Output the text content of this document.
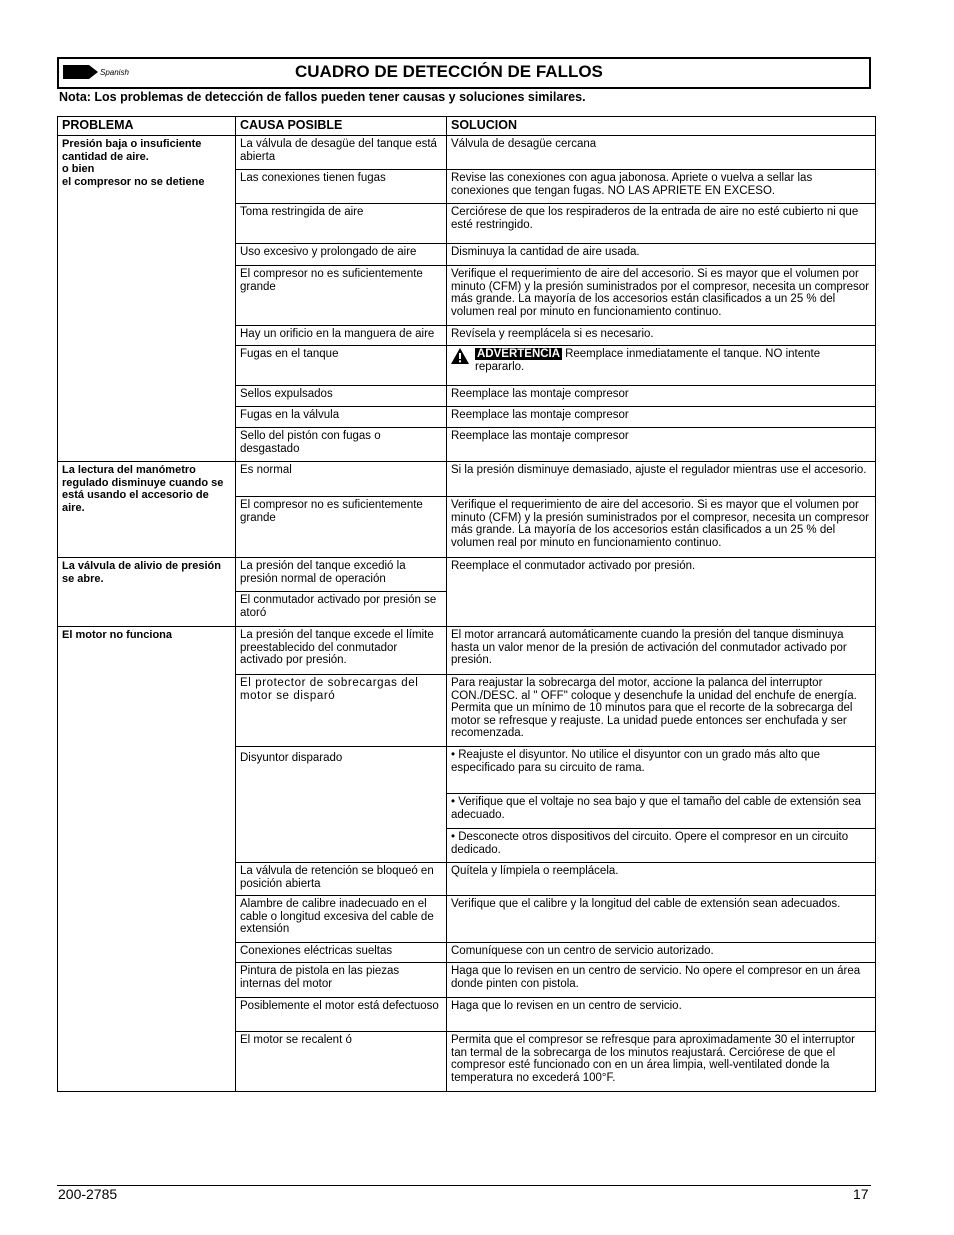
Spanish	CUADRO DE DETECCIÓN DE FALLOS
Nota: Los problemas de detección de fallos pueden tener causas y soluciones similares.
PROBLEMA	CAUSA POSIBLE	SOLUCION

Presión baja o insuficiente cantidad de aire.
o bien
el compresor no se detiene	La válvula de desagüe del tanque está abierta	Válvula de desagüe cercana
	Las conexiones tienen fugas	Revise las conexiones con agua jabonosa. Apriete o vuelva a sellar las conexiones que tengan fugas. NO LAS APRIETE EN EXCESO.
	Toma restringida de aire	Cerciórese de que los respiraderos de la entrada de aire no esté cubierto ni que esté restringido.
	Uso excesivo y prolongado de aire	Disminuya la cantidad de aire usada.
	El compresor no es suficientemente grande	Verifique el requerimiento de aire del accesorio. Si es mayor que el volumen por minuto (CFM) y la presión suministrados por el compresor, necesita un compresor más grande. La mayoría de los accesorios están clasificados a un 25 % del volumen real por minuto en funcionamiento continuo.
	Hay un orificio en la manguera de aire	Revísela y reemplácela si es necesario.
	Fugas en el tanque	ADVERTENCIA Reemplace inmediatamente el tanque. NO intente
repararlo.

	Sellos expulsados	Reemplace las montaje compresor
	Fugas en la válvula	Reemplace las montaje compresor
	Sello del pistón con fugas o desgastado	Reemplace las montaje compresor
La lectura del manómetro regulado disminuye cuando se está usando el accesorio de aire.	Es normal	Si la presión disminuye demasiado, ajuste el regulador mientras use el accesorio.
	El compresor no es suficientemente grande	Verifique el requerimiento de aire del accesorio. Si es mayor que el volumen por minuto (CFM) y la presión suministrados por el compresor, necesita un compresor más grande. La mayoría de los accesorios están clasificados a un 25 % del volumen real por minuto en funcionamiento continuo.
La válvula de alivio de presión se abre.	La presión del tanque excedió la presión normal de operación	Reemplace el conmutador activado por presión.
	El conmutador activado por presión se atoró	
El motor no funciona	La presión del tanque excede el límite preestablecido del conmutador activado por presión.	El motor arrancará automáticamente cuando la presión del tanque disminuya hasta un valor menor de la presión de activación del conmutador activado por presión.
	El protector de sobrecargas del motor se disparó	Para reajustar la sobrecarga del motor, accione la palanca del interruptor CON./DESC. al " OFF" coloque y desenchufe la unidad del enchufe de energía. Permita que un mínimo de 10 minutos para que el recorte de la sobrecarga del motor se refresque y reajuste. La unidad puede entonces ser enchufada y ser recomenzada.
	Disyuntor disparado	• Reajuste el disyuntor. No utilice el disyuntor con un grado más alto que especificado para su circuito de rama.
		• Verifique que el voltaje no sea bajo y que el tamaño del cable de extensión sea adecuado.
		• Desconecte otros dispositivos del circuito. Opere el compresor en un circuito dedicado.
	La válvula de retención se bloqueó en posición abierta	Quítela y límpiela o reemplácela.
	Alambre de calibre inadecuado en el cable o longitud excesiva del cable de extensión	Verifique que el calibre y la longitud del cable de extensión sean adecuados.
	Conexiones eléctricas sueltas	Comuníquese con un centro de servicio autorizado.
	Pintura de pistola en las piezas internas del motor	Haga que lo revisen en un centro de servicio. No opere el compresor en un área donde pinten con pistola.
	Posiblemente el motor está defectuoso	Haga que lo revisen en un centro de servicio.
	El motor se recalent ó	Permita que el compresor se refresque para aproximadamente 30 el interruptor tan termal de la sobrecarga de los minutos reajustará. Cerciórese de que el compresor esté funcionado con en un área limpia, well-ventilated donde la temperatura no excederá 100°F.
200-2785	17
